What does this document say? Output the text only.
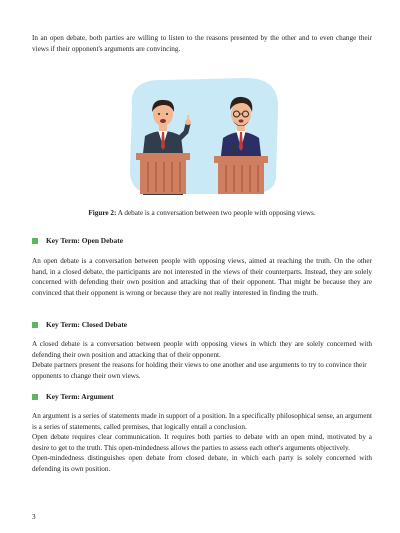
In an open debate, both parties are willing to listen to the reasons presented by the other and to even change their views if their opponent's arguments are convincing.

Figure 2: A debate is a conversation between two people with opposing views.
Key Term: Open Debate

An open debate is a conversation between people with opposing views, aimed at reaching the truth. On the other hand, in a closed debate, the participants are not interested in the views of their counterparts. Instead, they are solely concerned with defending their own position and attacking that of their opponent. That might be because they are convinced that their opponent is wrong or because they are not really interested in finding the truth.

Key Term: Closed Debate

A closed debate is a conversation between people with opposing views in which they are solely concerned with defending their own position and attacking that of their opponent.

Debate partners present the reasons for holding their views to one another and use arguments to try to convince their opponents to change their own views.

Key Term: Argument

An argument is a series of statements made in support of a position. In a specifically philosophical sense, an argument is a series of statements, called premises, that logically entail a conclusion.

Open debate requires clear communication. It requires both parties to debate with an open mind, motivated by a desire to get to the truth. This open-mindedness allows the parties to assess each other's arguments objectively.

Open-mindedness distinguishes open debate from closed debate, in which each party is solely concerned with defending its own position.

3
